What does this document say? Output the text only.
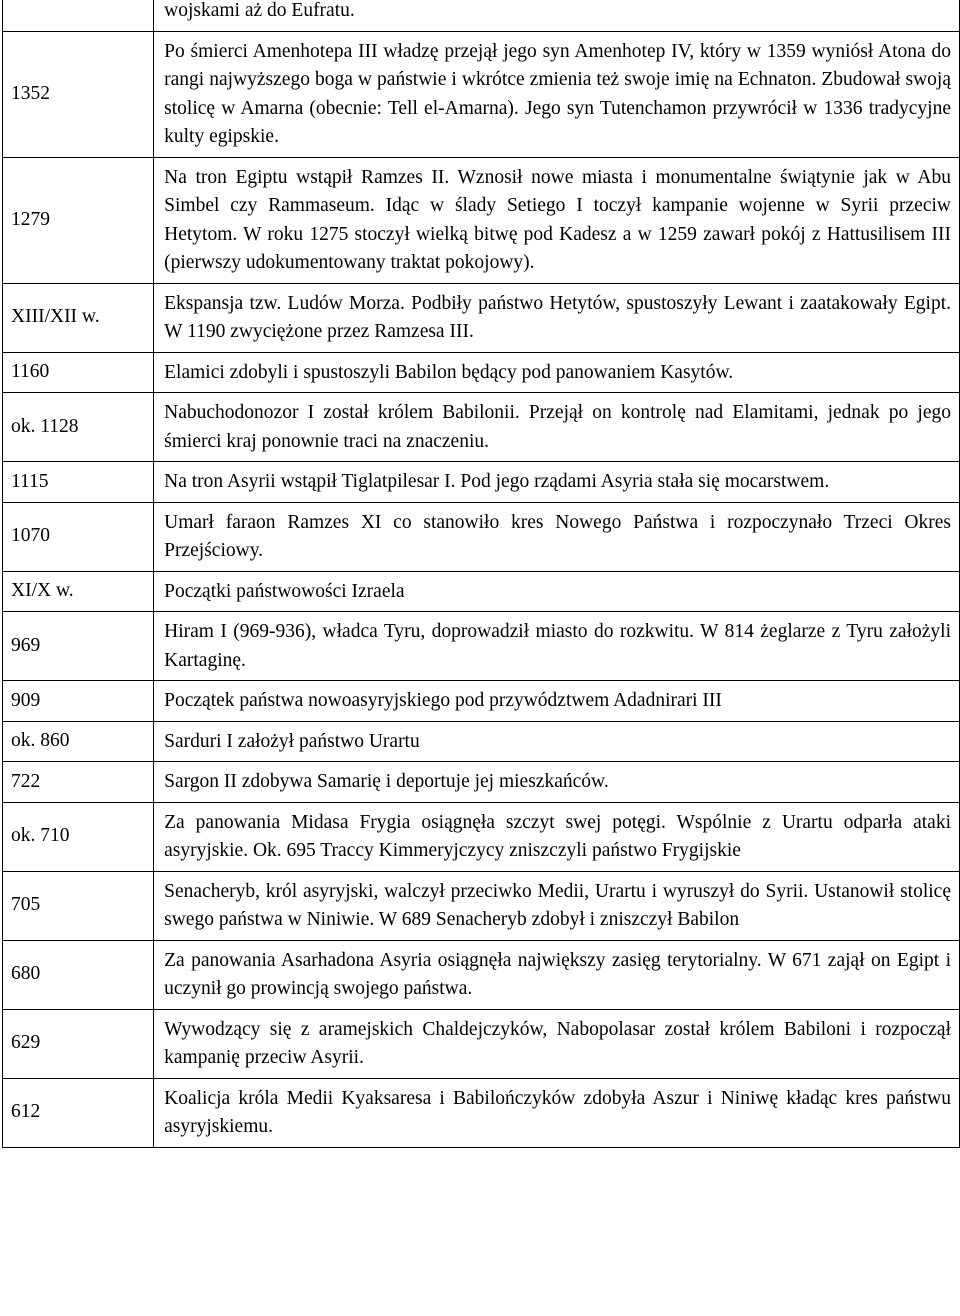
	wojskami aż do Eufratu.

1352	Po śmierci Amenhotepa III władzę przejął jego syn Amenhotep IV, który w 1359 wyniósł Atona do rangi najwyższego boga w państwie i wkrótce zmienia też swoje imię na Echnaton. Zbudował swoją stolicę w Amarna (obecnie: Tell el-Amarna). Jego syn Tutenchamon przywrócił w 1336 tradycyjne kulty egipskie.

1279	Na tron Egiptu wstąpił Ramzes II. Wznosił nowe miasta i monumentalne świątynie jak w Abu Simbel czy Rammaseum. Idąc w ślady Setiego I toczył kampanie wojenne w Syrii przeciw Hetytom. W roku 1275 stoczył wielką bitwę pod Kadesz a w 1259 zawarł pokój z Hattusilisem III (pierwszy udokumentowany traktat pokojowy).

XIII/XII w.	Ekspansja tzw. Ludów Morza. Podbiły państwo Hetytów, spustoszyły Lewant i zaatakowały Egipt. W 1190 zwyciężone przez Ramzesa III.

1160	Elamici zdobyli i spustoszyli Babilon będący pod panowaniem Kasytów.

ok. 1128	Nabuchodonozor I został królem Babilonii. Przejął on kontrolę nad Elamitami, jednak po jego śmierci kraj ponownie traci na znaczeniu.

1115	Na tron Asyrii wstąpił Tiglatpilesar I. Pod jego rządami Asyria stała się mocarstwem.

1070	Umarł faraon Ramzes XI co stanowiło kres Nowego Państwa i rozpoczynało Trzeci Okres Przejściowy.

XI/X w.	Początki państwowości Izraela

969	Hiram I (969-936), władca Tyru, doprowadził miasto do rozkwitu. W 814 żeglarze z Tyru założyli Kartaginę.

909	Początek państwa nowoasyryjskiego pod przywództwem Adadnirari III

ok. 860	Sarduri I założył państwo Urartu

722	Sargon II zdobywa Samarię i deportuje jej mieszkańców.

ok. 710	Za panowania Midasa Frygia osiągnęła szczyt swej potęgi. Wspólnie z Urartu odparła ataki asyryjskie. Ok. 695 Traccy Kimmeryjczycy zniszczyli państwo Frygijskie

705	Senacheryb, król asyryjski, walczył przeciwko Medii, Urartu i wyruszył do Syrii. Ustanowił stolicę swego państwa w Niniwie. W 689 Senacheryb zdobył i zniszczył Babilon

680	Za panowania Asarhadona Asyria osiągnęła największy zasięg terytorialny. W 671 zajął on Egipt i uczynił go prowincją swojego państwa.

629	Wywodzący się z aramejskich Chaldejczyków, Nabopolasar został królem Babiloni i rozpoczął kampanię przeciw Asyrii.

612	Koalicja króla Medii Kyaksaresa i Babilończyków zdobyła Aszur i Niniwę kładąc kres państwu asyryjskiemu.
